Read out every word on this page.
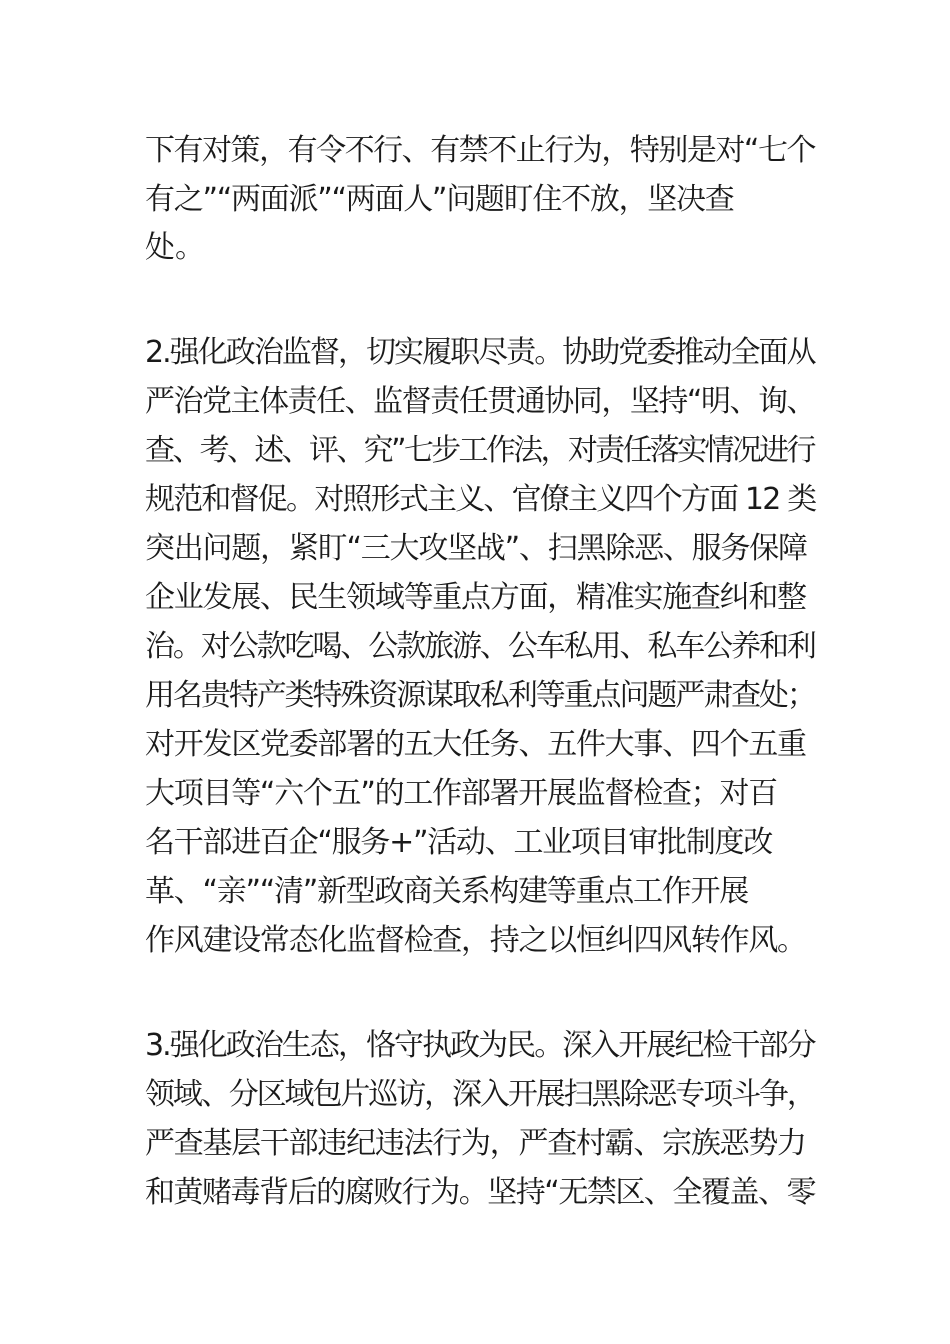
下有对策，有令不行、有禁不止行为，特别是对“七个
有之”“两面派”“两面人”问题盯住不放，坚决查
处。
2.强化政治监督，切实履职尽责。协助党委推动全面从
严治党主体责任、监督责任贯通协同，坚持“明、询、
查、考、述、评、究”七步工作法，对责任落实情况进行
规范和督促。对照形式主义、官僚主义四个方面 12 类
突出问题，紧盯“三大攻坚战”、扫黑除恶、服务保障
企业发展、民生领域等重点方面，精准实施查纠和整
治。对公款吃喝、公款旅游、公车私用、私车公养和利
用名贵特产类特殊资源谋取私利等重点问题严肃查处；
对开发区党委部署的五大任务、五件大事、四个五重
大项目等“六个五”的工作部署开展监督检查；对百
名干部进百企“服务+”活动、工业项目审批制度改
革、“亲”“清”新型政商关系构建等重点工作开展
作风建设常态化监督检查，持之以恒纠四风转作风。
3.强化政治生态，恪守执政为民。深入开展纪检干部分
领域、分区域包片巡访，深入开展扫黑除恶专项斗争，
严查基层干部违纪违法行为，严查村霸、宗族恶势力
和黄赌毒背后的腐败行为。坚持“无禁区、全覆盖、零
